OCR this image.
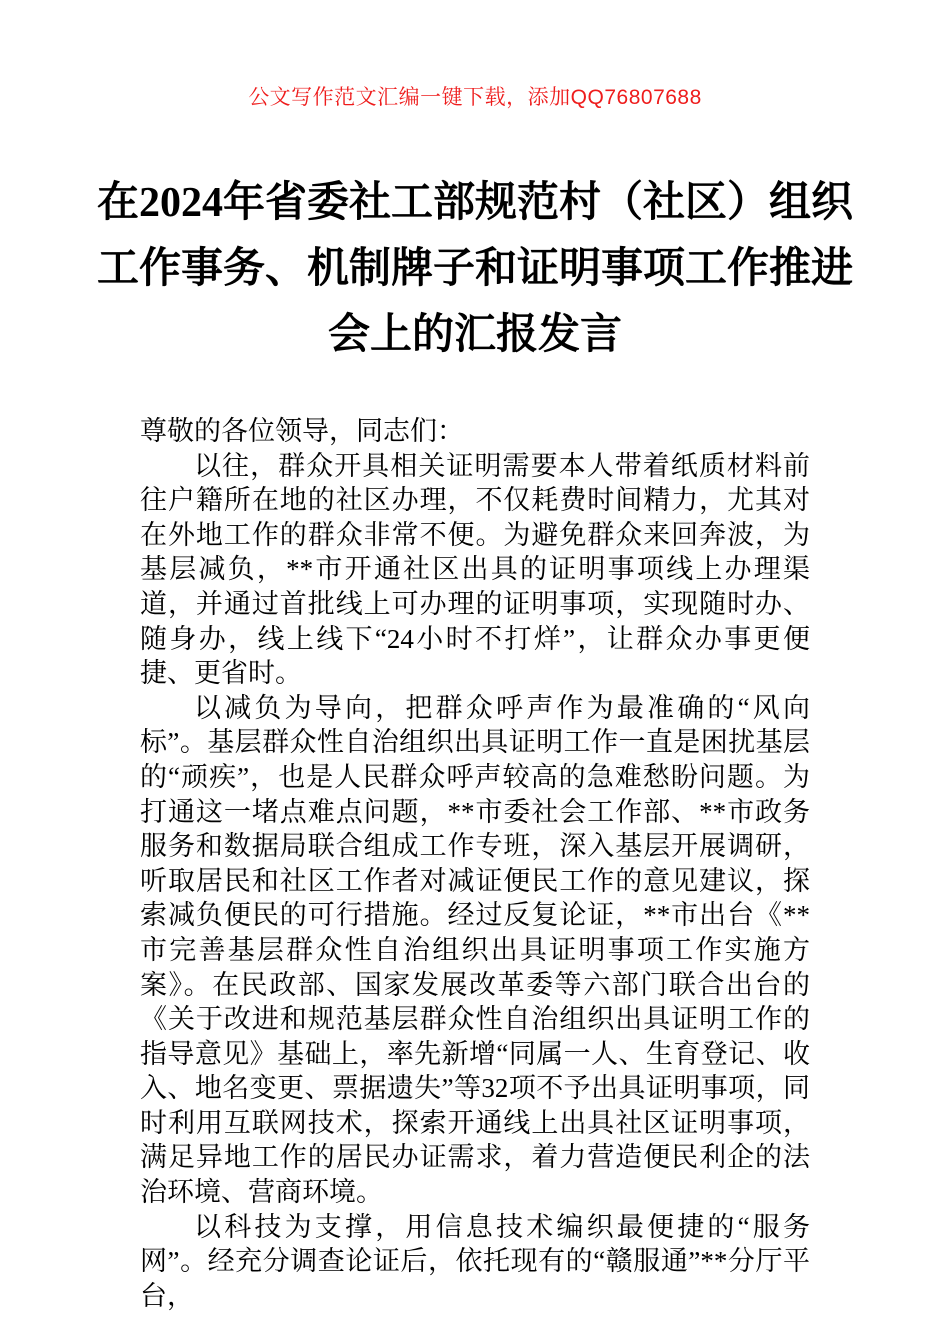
公文写作范文汇编一键下载，添加QQ76807688
在2024年省委社工部规范村（社区）组织
工作事务、机制牌子和证明事项工作推进
会上的汇报发言

尊敬的各位领导，同志们：

以往，群众开具相关证明需要本人带着纸质材料前往户籍所在地的社区办理，不仅耗费时间精力，尤其对在外地工作的群众非常不便。为避免群众来回奔波，为基层减负，**市开通社区出具的证明事项线上办理渠道，并通过首批线上可办理的证明事项，实现随时办、随身办，线上线下“24小时不打烊”，让群众办事更便捷、更省时。

以减负为导向，把群众呼声作为最准确的“风向标”。基层群众性自治组织出具证明工作一直是困扰基层的“顽疾”，也是人民群众呼声较高的急难愁盼问题。为打通这一堵点难点问题，**市委社会工作部、**市政务服务和数据局联合组成工作专班，深入基层开展调研，听取居民和社区工作者对减证便民工作的意见建议，探索减负便民的可行措施。经过反复论证，**市出台《**市完善基层群众性自治组织出具证明事项工作实施方案》。在民政部、国家发展改革委等六部门联合出台的《关于改进和规范基层群众性自治组织出具证明工作的指导意见》基础上，率先新增“同属一人、生育登记、收入、地名变更、票据遗失”等32项不予出具证明事项，同时利用互联网技术，探索开通线上出具社区证明事项，满足异地工作的居民办证需求，着力营造便民利企的法治环境、营商环境。

以科技为支撑，用信息技术编织最便捷的“服务网”。经充分调查论证后，依托现有的“赣服通”**分厅平台，
